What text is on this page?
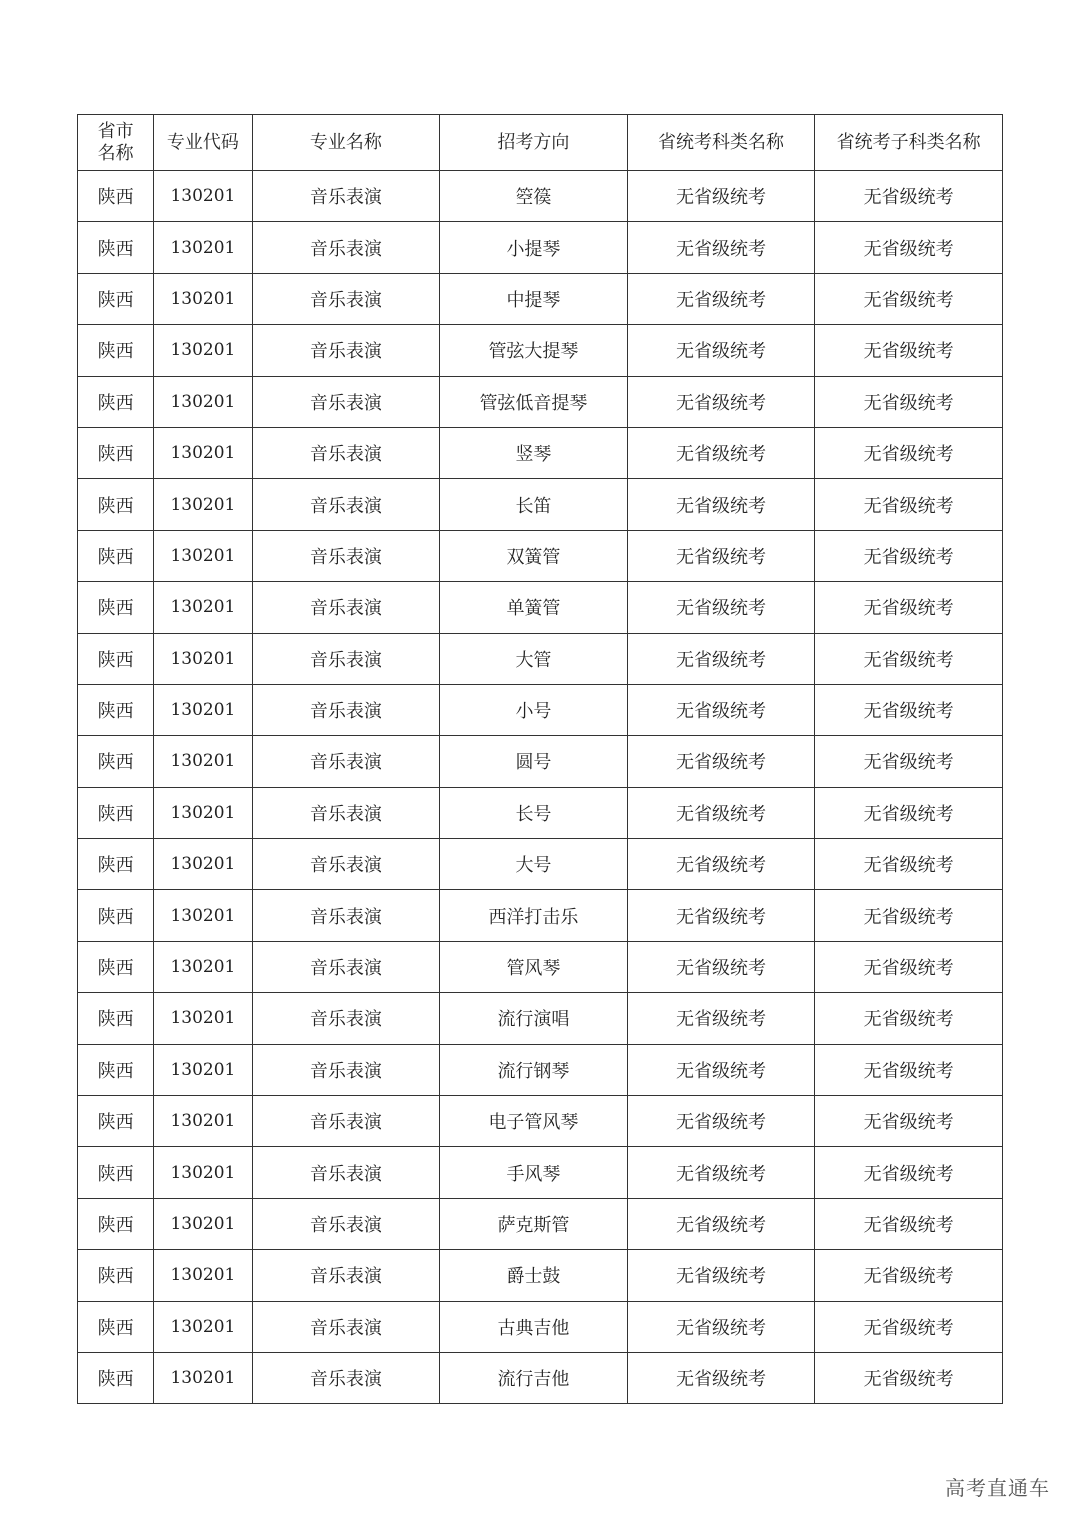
省市
名称	专业代码	专业名称	招考方向	省统考科类名称	省统考子科类名称
陕西	130201	音乐表演	箜篌	无省级统考	无省级统考
陕西	130201	音乐表演	小提琴	无省级统考	无省级统考
陕西	130201	音乐表演	中提琴	无省级统考	无省级统考
陕西	130201	音乐表演	管弦大提琴	无省级统考	无省级统考
陕西	130201	音乐表演	管弦低音提琴	无省级统考	无省级统考
陕西	130201	音乐表演	竖琴	无省级统考	无省级统考
陕西	130201	音乐表演	长笛	无省级统考	无省级统考
陕西	130201	音乐表演	双簧管	无省级统考	无省级统考
陕西	130201	音乐表演	单簧管	无省级统考	无省级统考
陕西	130201	音乐表演	大管	无省级统考	无省级统考
陕西	130201	音乐表演	小号	无省级统考	无省级统考
陕西	130201	音乐表演	圆号	无省级统考	无省级统考
陕西	130201	音乐表演	长号	无省级统考	无省级统考
陕西	130201	音乐表演	大号	无省级统考	无省级统考
陕西	130201	音乐表演	西洋打击乐	无省级统考	无省级统考
陕西	130201	音乐表演	管风琴	无省级统考	无省级统考
陕西	130201	音乐表演	流行演唱	无省级统考	无省级统考
陕西	130201	音乐表演	流行钢琴	无省级统考	无省级统考
陕西	130201	音乐表演	电子管风琴	无省级统考	无省级统考
陕西	130201	音乐表演	手风琴	无省级统考	无省级统考
陕西	130201	音乐表演	萨克斯管	无省级统考	无省级统考
陕西	130201	音乐表演	爵士鼓	无省级统考	无省级统考
陕西	130201	音乐表演	古典吉他	无省级统考	无省级统考
陕西	130201	音乐表演	流行吉他	无省级统考	无省级统考
高考直通车
